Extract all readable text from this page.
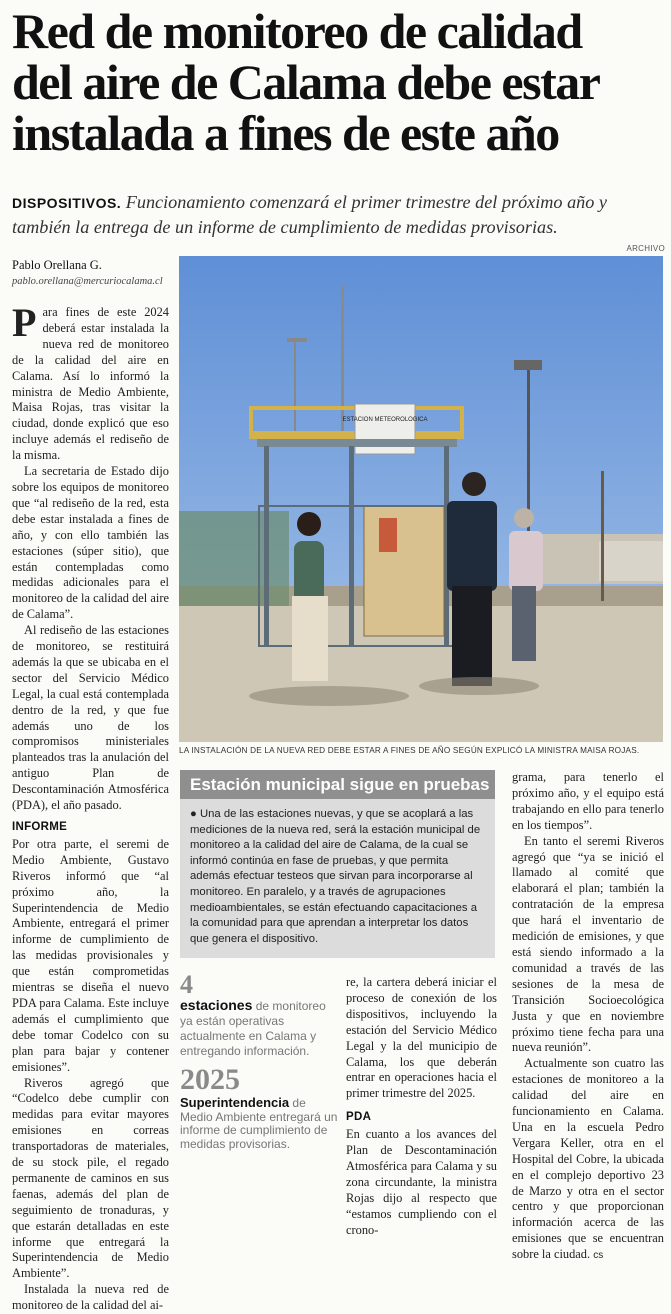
Red de monitoreo de calidad
del aire de Calama debe estar
instalada a fines de este año
DISPOSITIVOS. Funcionamiento comenzará el primer trimestre del próximo año y también la entrega de un informe de cumplimiento de medidas provisorias.
ARCHIVO
Pablo Orellana G.
pablo.orellana@mercuriocalama.cl

Para fines de este 2024 deberá estar instalada la nueva red de monitoreo de la calidad del aire en Calama. Así lo informó la ministra de Medio Ambiente, Maisa Rojas, tras visitar la ciudad, donde explicó que eso incluye además el rediseño de la misma.

La secretaria de Estado dijo sobre los equipos de monitoreo que “al rediseño de la red, esta debe estar instalada a fines de año, y con ello también las estaciones (súper sitio), que están contempladas como medidas adicionales para el monitoreo de la calidad del aire de Calama”.

Al rediseño de las estaciones de monitoreo, se restituirá además la que se ubicaba en el sector del Servicio Médico Legal, la cual está contemplada dentro de la red, y que fue además uno de los compromisos ministeriales planteados tras la anulación del antiguo Plan de Descontaminación Atmosférica (PDA), el año pasado.

INFORME

Por otra parte, el seremi de Medio Ambiente, Gustavo Riveros informó que “al próximo año, la Superintendencia de Medio Ambiente, entregará el primer informe de cumplimiento de las medidas provisionales y que están comprometidas mientras se diseña el nuevo PDA para Calama. Este incluye además el cumplimiento que debe tomar Codelco con su plan para bajar y contener emisiones”.

Riveros agregó que “Codelco debe cumplir con medidas para evitar mayores emisiones en correas transportadoras de materiales, de su stock pile, el regado permanente de caminos en sus faenas, además del plan de seguimiento de tronaduras, y que estarán detalladas en este informe que entregará la Superintendencia de Medio Ambiente”.

Instalada la nueva red de monitoreo de la calidad del ai-

ESTACION METEOROLOGICA
LA INSTALACIÓN DE LA NUEVA RED DEBE ESTAR A FINES DE AÑO SEGÚN EXPLICÓ LA MINISTRA MAISA ROJAS.
Estación municipal sigue en pruebas
● Una de las estaciones nuevas, y que se acoplará a las mediciones de la nueva red, será la estación municipal de monitoreo a la calidad del aire de Calama, de la cual se informó continúa en fase de pruebas, y que permita además efectuar testeos que sirvan para incorporarse al monitoreo. En paralelo, y a través de agrupaciones medioambientales, se están efectuando capacitaciones a la comunidad para que aprendan a interpretar los datos que genera el dispositivo.
4
estaciones de monitoreo ya están operativas actualmente en Calama y entregando información.
2025
Superintendencia de Medio Ambiente entregará un informe de cumplimiento de medidas provisorias.

re, la cartera deberá iniciar el proceso de conexión de los dispositivos, incluyendo la estación del Servicio Médico Legal y la del municipio de Calama, los que deberán entrar en operaciones hacia el primer trimestre del 2025.

PDA

En cuanto a los avances del Plan de Descontaminación Atmosférica para Calama y su zona circundante, la ministra Rojas dijo al respecto que “estamos cumpliendo con el crono-

grama, para tenerlo el próximo año, y el equipo está trabajando en ello para tenerlo en los tiempos”.

En tanto el seremi Riveros agregó que “ya se inició el llamado al comité que elaborará el plan; también la contratación de la empresa que hará el inventario de medición de emisiones, y que está siendo informado a la comunidad a través de las sesiones de la mesa de Transición Socioecológica Justa y que en noviembre próximo tiene fecha para una nueva reunión”.

Actualmente son cuatro las estaciones de monitoreo a la calidad del aire en funcionamiento en Calama. Una en la escuela Pedro Vergara Keller, otra en el Hospital del Cobre, la ubicada en el complejo deportivo 23 de Marzo y otra en el sector centro y que proporcionan información acerca de las emisiones que se encuentran sobre la ciudad. cs
